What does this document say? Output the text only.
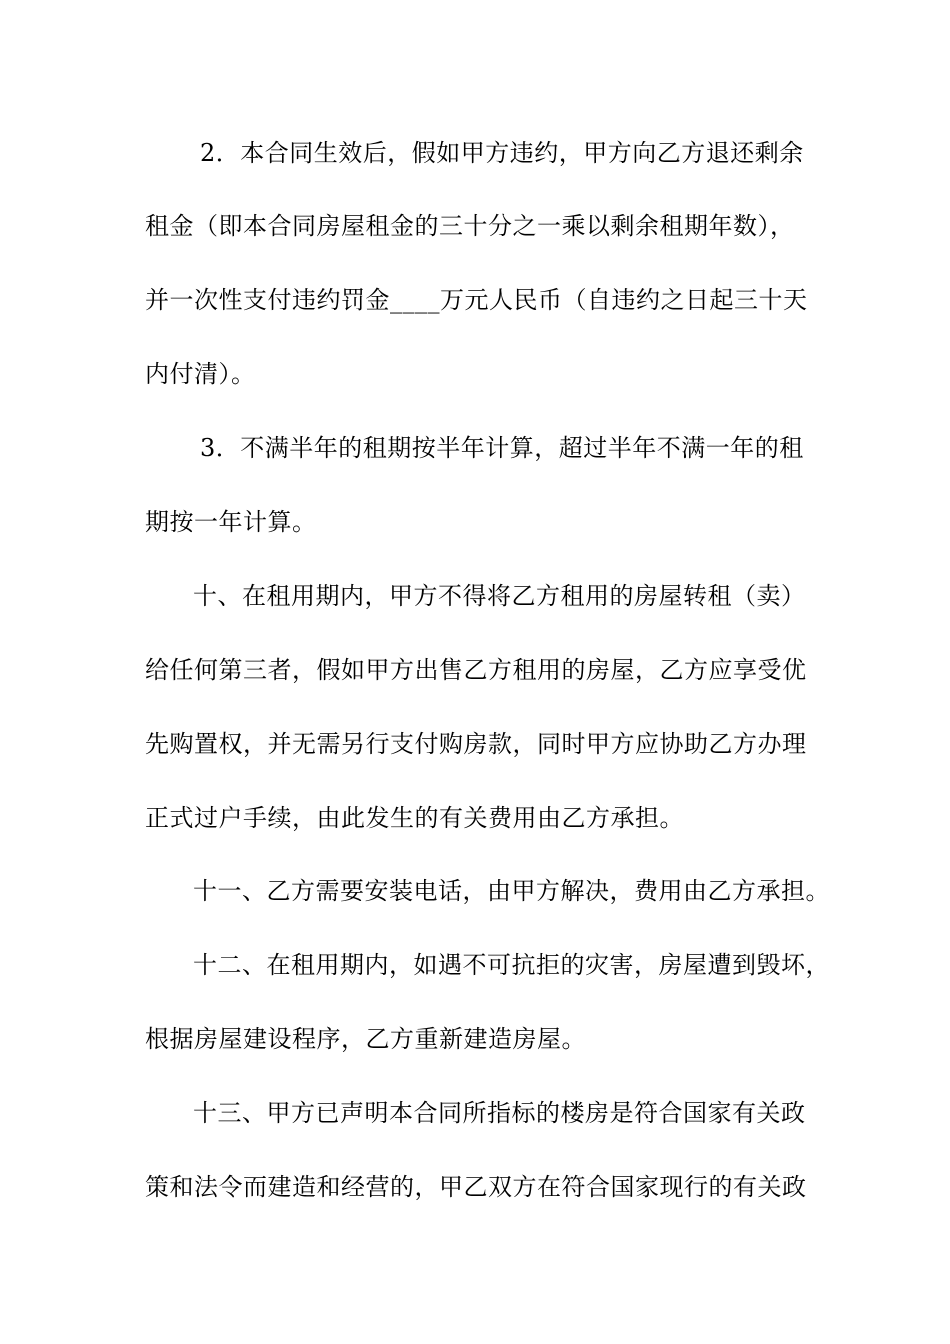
2．本合同生效后，假如甲方违约，甲方向乙方退还剩余
租金（即本合同房屋租金的三十分之一乘以剩余租期年数），
并一次性支付违约罚金____万元人民币（自违约之日起三十天
内付清）。
3．不满半年的租期按半年计算，超过半年不满一年的租
期按一年计算。
十、在租用期内，甲方不得将乙方租用的房屋转租（卖）
给任何第三者，假如甲方出售乙方租用的房屋，乙方应享受优
先购置权，并无需另行支付购房款，同时甲方应协助乙方办理
正式过户手续，由此发生的有关费用由乙方承担。
十一、乙方需要安装电话，由甲方解决，费用由乙方承担。
十二、在租用期内，如遇不可抗拒的灾害，房屋遭到毁坏，
根据房屋建设程序，乙方重新建造房屋。
十三、甲方已声明本合同所指标的楼房是符合国家有关政
策和法令而建造和经营的，甲乙双方在符合国家现行的有关政
